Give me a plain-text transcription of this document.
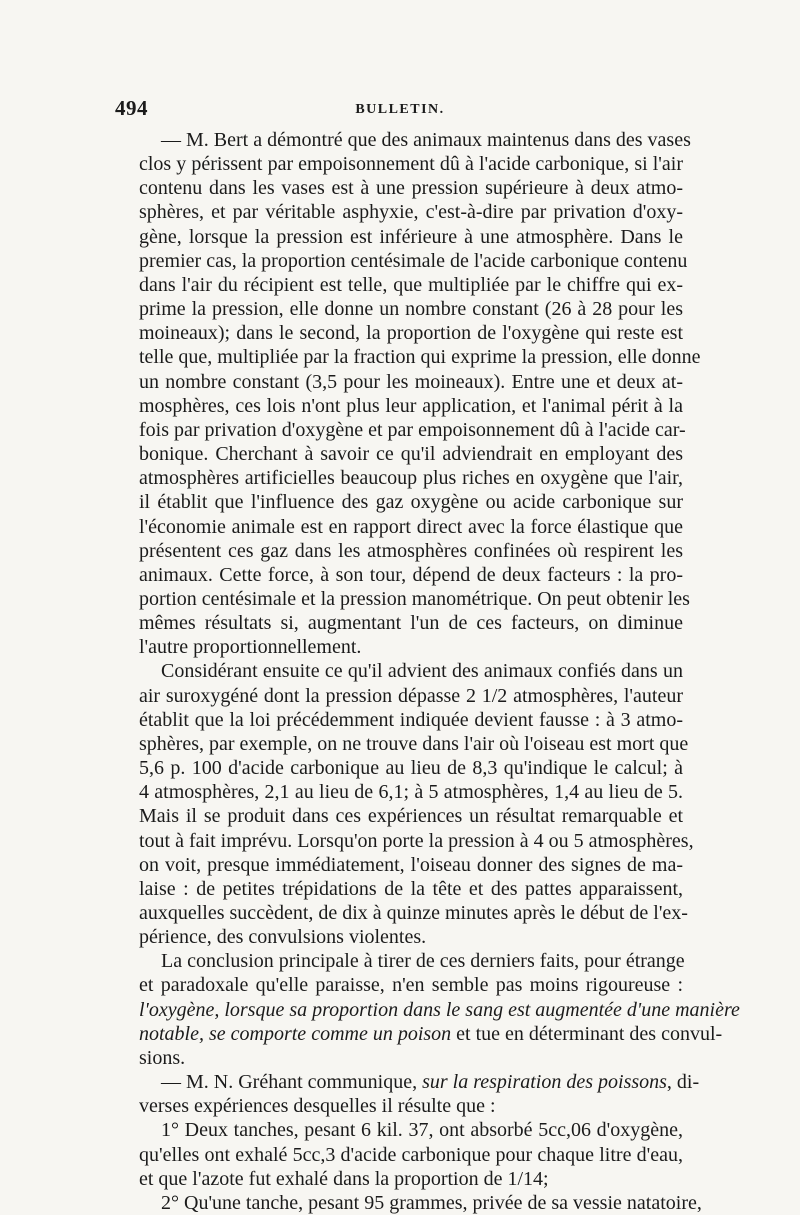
494	BULLETIN.
— M. Bert a démontré que des animaux maintenus dans des vases
clos y périssent par empoisonnement dû à l'acide carbonique, si l'air
contenu dans les vases est à une pression supérieure à deux atmo-
sphères, et par véritable asphyxie, c'est-à-dire par privation d'oxy-
gène, lorsque la pression est inférieure à une atmosphère. Dans le
premier cas, la proportion centésimale de l'acide carbonique contenu
dans l'air du récipient est telle, que multipliée par le chiffre qui ex-
prime la pression, elle donne un nombre constant (26 à 28 pour les
moineaux); dans le second, la proportion de l'oxygène qui reste est
telle que, multipliée par la fraction qui exprime la pression, elle donne
un nombre constant (3,5 pour les moineaux). Entre une et deux at-
mosphères, ces lois n'ont plus leur application, et l'animal périt à la
fois par privation d'oxygène et par empoisonnement dû à l'acide car-
bonique. Cherchant à savoir ce qu'il adviendrait en employant des
atmosphères artificielles beaucoup plus riches en oxygène que l'air,
il établit que l'influence des gaz oxygène ou acide carbonique sur
l'économie animale est en rapport direct avec la force élastique que
présentent ces gaz dans les atmosphères confinées où respirent les
animaux. Cette force, à son tour, dépend de deux facteurs : la pro-
portion centésimale et la pression manométrique. On peut obtenir les
mêmes résultats si, augmentant l'un de ces facteurs, on diminue
l'autre proportionnellement.
Considérant ensuite ce qu'il advient des animaux confiés dans un
air suroxygéné dont la pression dépasse 2 1/2 atmosphères, l'auteur
établit que la loi précédemment indiquée devient fausse : à 3 atmo-
sphères, par exemple, on ne trouve dans l'air où l'oiseau est mort que
5,6 p. 100 d'acide carbonique au lieu de 8,3 qu'indique le calcul; à
4 atmosphères, 2,1 au lieu de 6,1; à 5 atmosphères, 1,4 au lieu de 5.
Mais il se produit dans ces expériences un résultat remarquable et
tout à fait imprévu. Lorsqu'on porte la pression à 4 ou 5 atmosphères,
on voit, presque immédiatement, l'oiseau donner des signes de ma-
laise : de petites trépidations de la tête et des pattes apparaissent,
auxquelles succèdent, de dix à quinze minutes après le début de l'ex-
périence, des convulsions violentes.
La conclusion principale à tirer de ces derniers faits, pour étrange
et paradoxale qu'elle paraisse, n'en semble pas moins rigoureuse :
l'oxygène, lorsque sa proportion dans le sang est augmentée d'une manière
notable, se comporte comme un poison et tue en déterminant des convul-
sions.
— M. N. Gréhant communique, sur la respiration des poissons, di-
verses expériences desquelles il résulte que :
1° Deux tanches, pesant 6 kil. 37, ont absorbé 5cc,06 d'oxygène,
qu'elles ont exhalé 5cc,3 d'acide carbonique pour chaque litre d'eau,
et que l'azote fut exhalé dans la proportion de 1/14;
2° Qu'une tanche, pesant 95 grammes, privée de sa vessie natatoire,
